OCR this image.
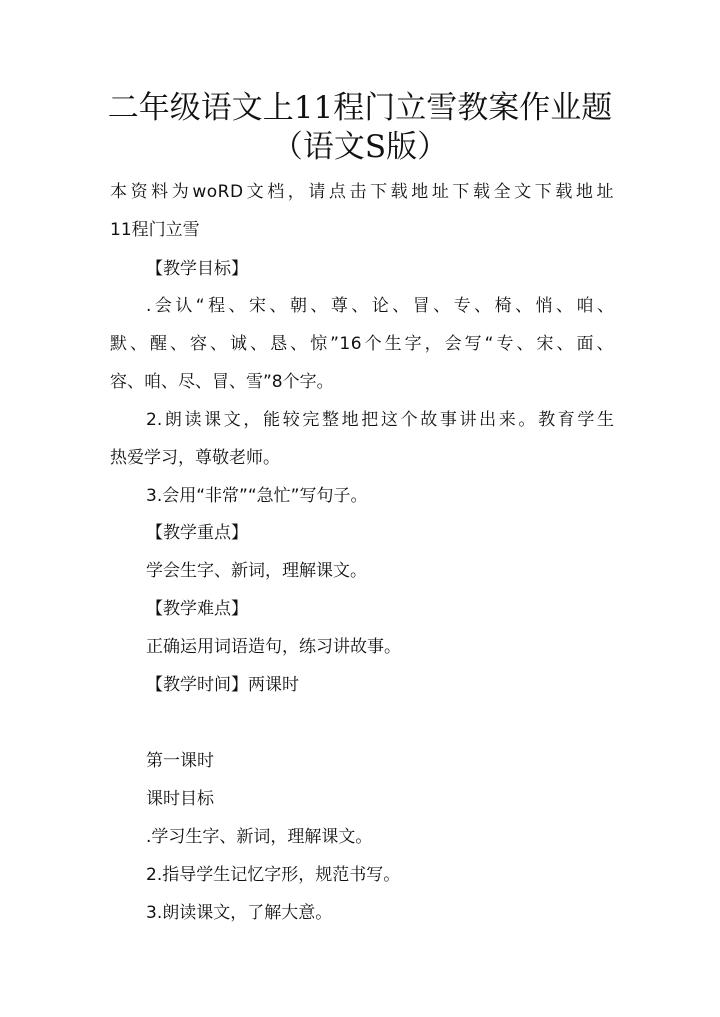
二年级语文上11程门立雪教案作业题
（语文S版）
本资料为woRD文档，请点击下载地址下载全文下载地址
11程门立雪
【教学目标】
.会认“程、宋、朝、尊、论、冒、专、椅、悄、咱、
默、醒、容、诚、恳、惊”16个生字，会写“专、宋、面、
容、咱、尽、冒、雪”8个字。
2.朗读课文，能较完整地把这个故事讲出来。教育学生
热爱学习，尊敬老师。
3.会用“非常”“急忙”写句子。
【教学重点】
学会生字、新词，理解课文。
【教学难点】
正确运用词语造句，练习讲故事。
【教学时间】两课时
第一课时
课时目标
.学习生字、新词，理解课文。
2.指导学生记忆字形，规范书写。
3.朗读课文，了解大意。
